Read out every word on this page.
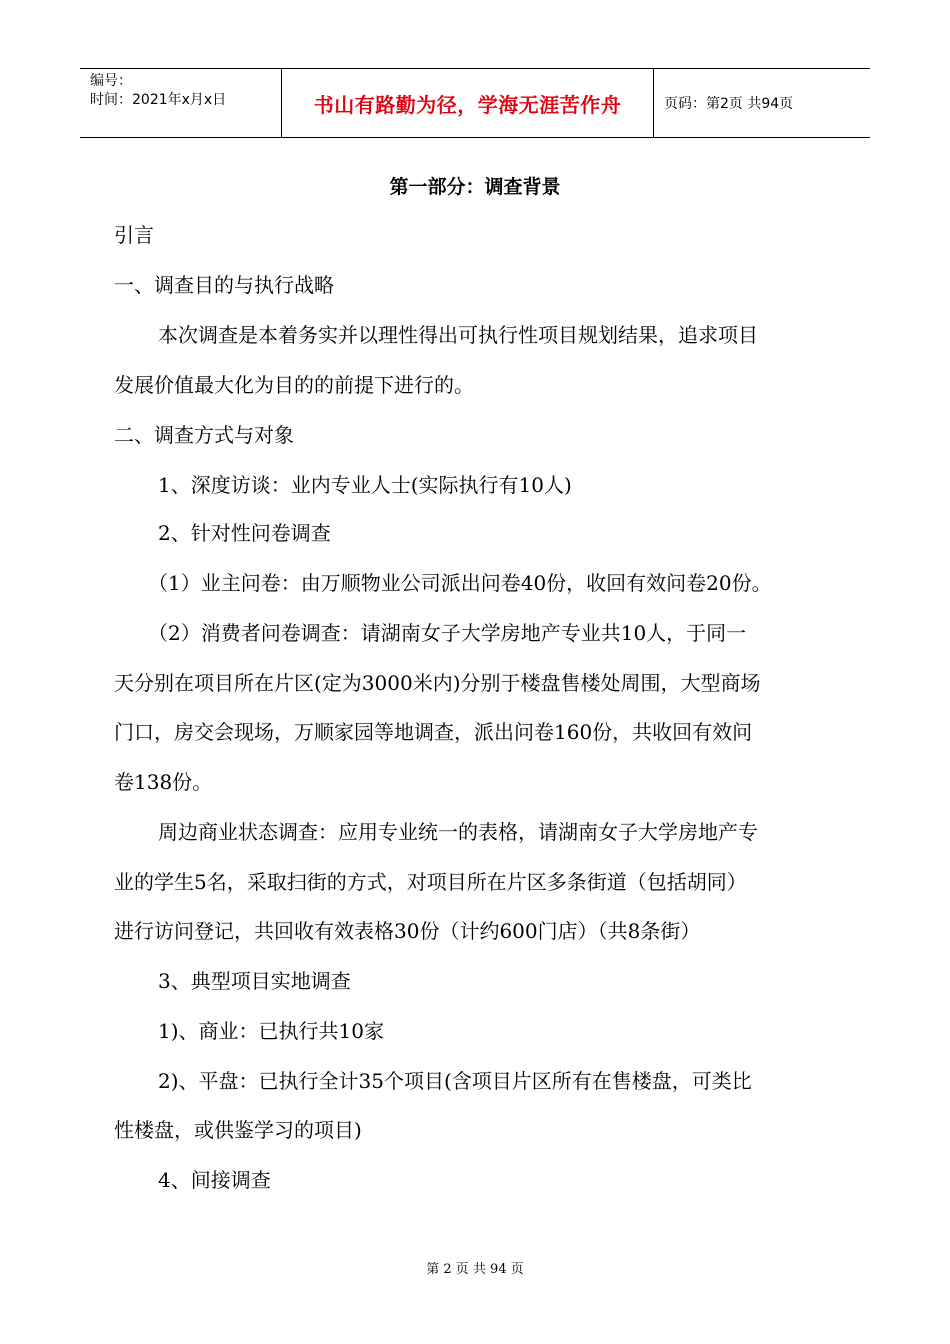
编号：
时间：2021年x月x日	书山有路勤为径，学海无涯苦作舟	页码：第2页 共94页
第一部分：调查背景
引言
一、调查目的与执行战略
本次调查是本着务实并以理性得出可执行性项目规划结果，追求项目
发展价值最大化为目的的前提下进行的。
二、调查方式与对象
1、深度访谈：业内专业人士(实际执行有10人)
2、针对性问卷调查
（1）业主问卷：由万顺物业公司派出问卷40份，收回有效问卷20份。
（2）消费者问卷调查：请湖南女子大学房地产专业共10人，于同一
天分别在项目所在片区(定为3000米内)分别于楼盘售楼处周围，大型商场
门口，房交会现场，万顺家园等地调查，派出问卷160份，共收回有效问
卷138份。
周边商业状态调查：应用专业统一的表格，请湖南女子大学房地产专
业的学生5名，采取扫街的方式，对项目所在片区多条街道（包括胡同）
进行访问登记，共回收有效表格30份（计约600门店）（共8条街）
3、典型项目实地调查
1)、商业：已执行共10家
2)、平盘：已执行全计35个项目(含项目片区所有在售楼盘，可类比
性楼盘，或供鉴学习的项目)
4、间接调查
第 2 页 共 94 页
